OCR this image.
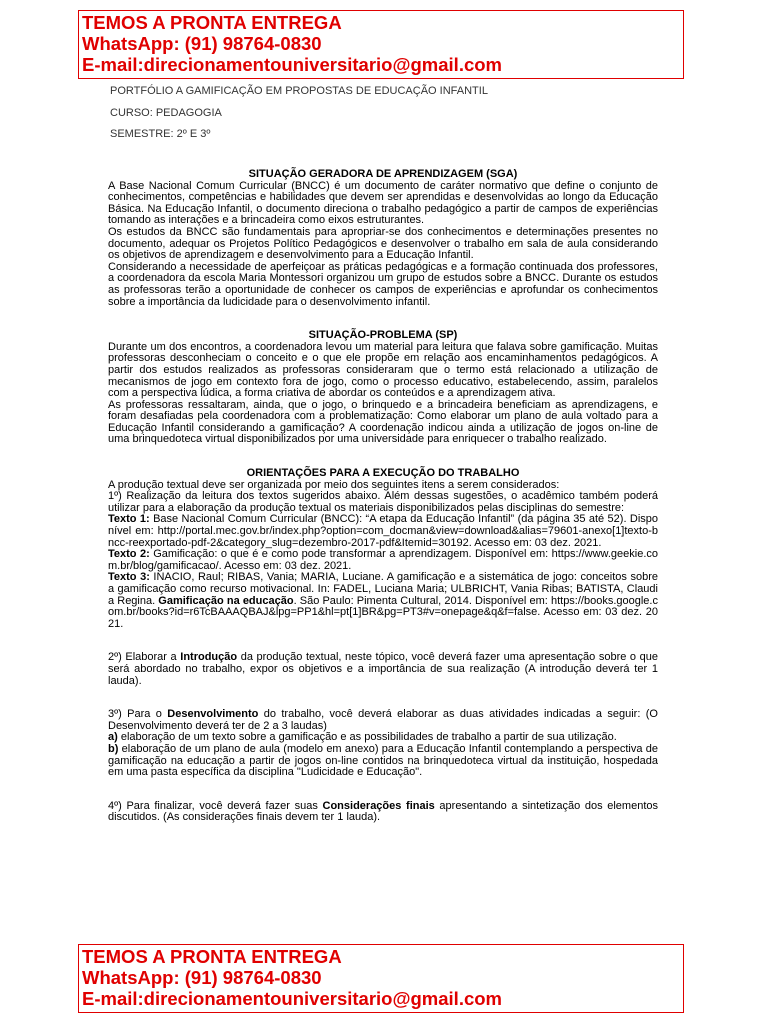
TEMOS A PRONTA ENTREGA
WhatsApp: (91) 98764-0830
E-mail:direcionamentouniversitario@gmail.com
PORTFÓLIO A GAMIFICAÇÃO EM PROPOSTAS DE EDUCAÇÃO INFANTIL
CURSO: PEDAGOGIA
SEMESTRE: 2º E 3º
SITUAÇÃO GERADORA DE APRENDIZAGEM (SGA)

A Base Nacional Comum Curricular (BNCC) é um documento de caráter normativo que define o conjunto de conhecimentos, competências e habilidades que devem ser aprendidas e desenvolvidas ao longo da Educação Básica. Na Educação Infantil, o documento direciona o trabalho pedagógico a partir de campos de experiências tomando as interações e a brincadeira como eixos estruturantes.

Os estudos da BNCC são fundamentais para apropriar-se dos conhecimentos e determinações presentes no documento, adequar os Projetos Político Pedagógicos e desenvolver o trabalho em sala de aula considerando os objetivos de aprendizagem e desenvolvimento para a Educação Infantil.

Considerando a necessidade de aperfeiçoar as práticas pedagógicas e a formação continuada dos professores, a coordenadora da escola Maria Montessori organizou um grupo de estudos sobre a BNCC. Durante os estudos as professoras terão a oportunidade de conhecer os campos de experiências e aprofundar os conhecimentos sobre a importância da ludicidade para o desenvolvimento infantil.

SITUAÇÃO-PROBLEMA (SP)

Durante um dos encontros, a coordenadora levou um material para leitura que falava sobre gamificação. Muitas professoras desconheciam o conceito e o que ele propõe em relação aos encaminhamentos pedagógicos. A partir dos estudos realizados as professoras consideraram que o termo está relacionado a utilização de mecanismos de jogo em contexto fora de jogo, como o processo educativo, estabelecendo, assim, paralelos com a perspectiva lúdica, a forma criativa de abordar os conteúdos e a aprendizagem ativa.

As professoras ressaltaram, ainda, que o jogo, o brinquedo e a brincadeira beneficiam as aprendizagens, e foram desafiadas pela coordenadora com a problematização: Como elaborar um plano de aula voltado para a Educação Infantil considerando a gamificação? A coordenação indicou ainda a utilização de jogos on-line de uma brinquedoteca virtual disponibilizados por uma universidade para enriquecer o trabalho realizado.

ORIENTAÇÕES PARA A EXECUÇÃO DO TRABALHO

A produção textual deve ser organizada por meio dos seguintes itens a serem considerados:

1º) Realização da leitura dos textos sugeridos abaixo. Além dessas sugestões, o acadêmico também poderá utilizar para a elaboração da produção textual os materiais disponibilizados pelas disciplinas do semestre:

Texto 1: Base Nacional Comum Curricular (BNCC): “A etapa da Educação Infantil” (da página 35 até 52). Disponível em: http://portal.mec.gov.br/index.php?option=com_docman&view=download&alias=79601-anexo[1]texto-bncc-reexportado-pdf-2&category_slug=dezembro-2017-pdf&Itemid=30192. Acesso em: 03 dez. 2021.

Texto 2: Gamificação: o que é e como pode transformar a aprendizagem. Disponível em: https://www.geekie.com.br/blog/gamificacao/. Acesso em: 03 dez. 2021.

Texto 3: INACIO, Raul; RIBAS, Vania; MARIA, Luciane. A gamificação e a sistemática de jogo: conceitos sobre a gamificação como recurso motivacional. In: FADEL, Luciana Maria; ULBRICHT, Vania Ribas; BATISTA, Claudia Regina. Gamificação na educação. São Paulo: Pimenta Cultural, 2014. Disponível em: https://books.google.com.br/books?id=r6TcBAAAQBAJ&lpg=PP1&hl=pt[1]BR&pg=PT3#v=onepage&q&f=false. Acesso em: 03 dez. 2021.

2º) Elaborar a Introdução da produção textual, neste tópico, você deverá fazer uma apresentação sobre o que será abordado no trabalho, expor os objetivos e a importância de sua realização (A introdução deverá ter 1 lauda).

3º) Para o Desenvolvimento do trabalho, você deverá elaborar as duas atividades indicadas a seguir: (O Desenvolvimento deverá ter de 2 a 3 laudas)

a) elaboração de um texto sobre a gamificação e as possibilidades de trabalho a partir de sua utilização.

b) elaboração de um plano de aula (modelo em anexo) para a Educação Infantil contemplando a perspectiva de gamificação na educação a partir de jogos on-line contidos na brinquedoteca virtual da instituição, hospedada em uma pasta específica da disciplina "Ludicidade e Educação".

4º) Para finalizar, você deverá fazer suas Considerações finais apresentando a sintetização dos elementos discutidos. (As considerações finais devem ter 1 lauda).

TEMOS A PRONTA ENTREGA
WhatsApp: (91) 98764-0830
E-mail:direcionamentouniversitario@gmail.com
